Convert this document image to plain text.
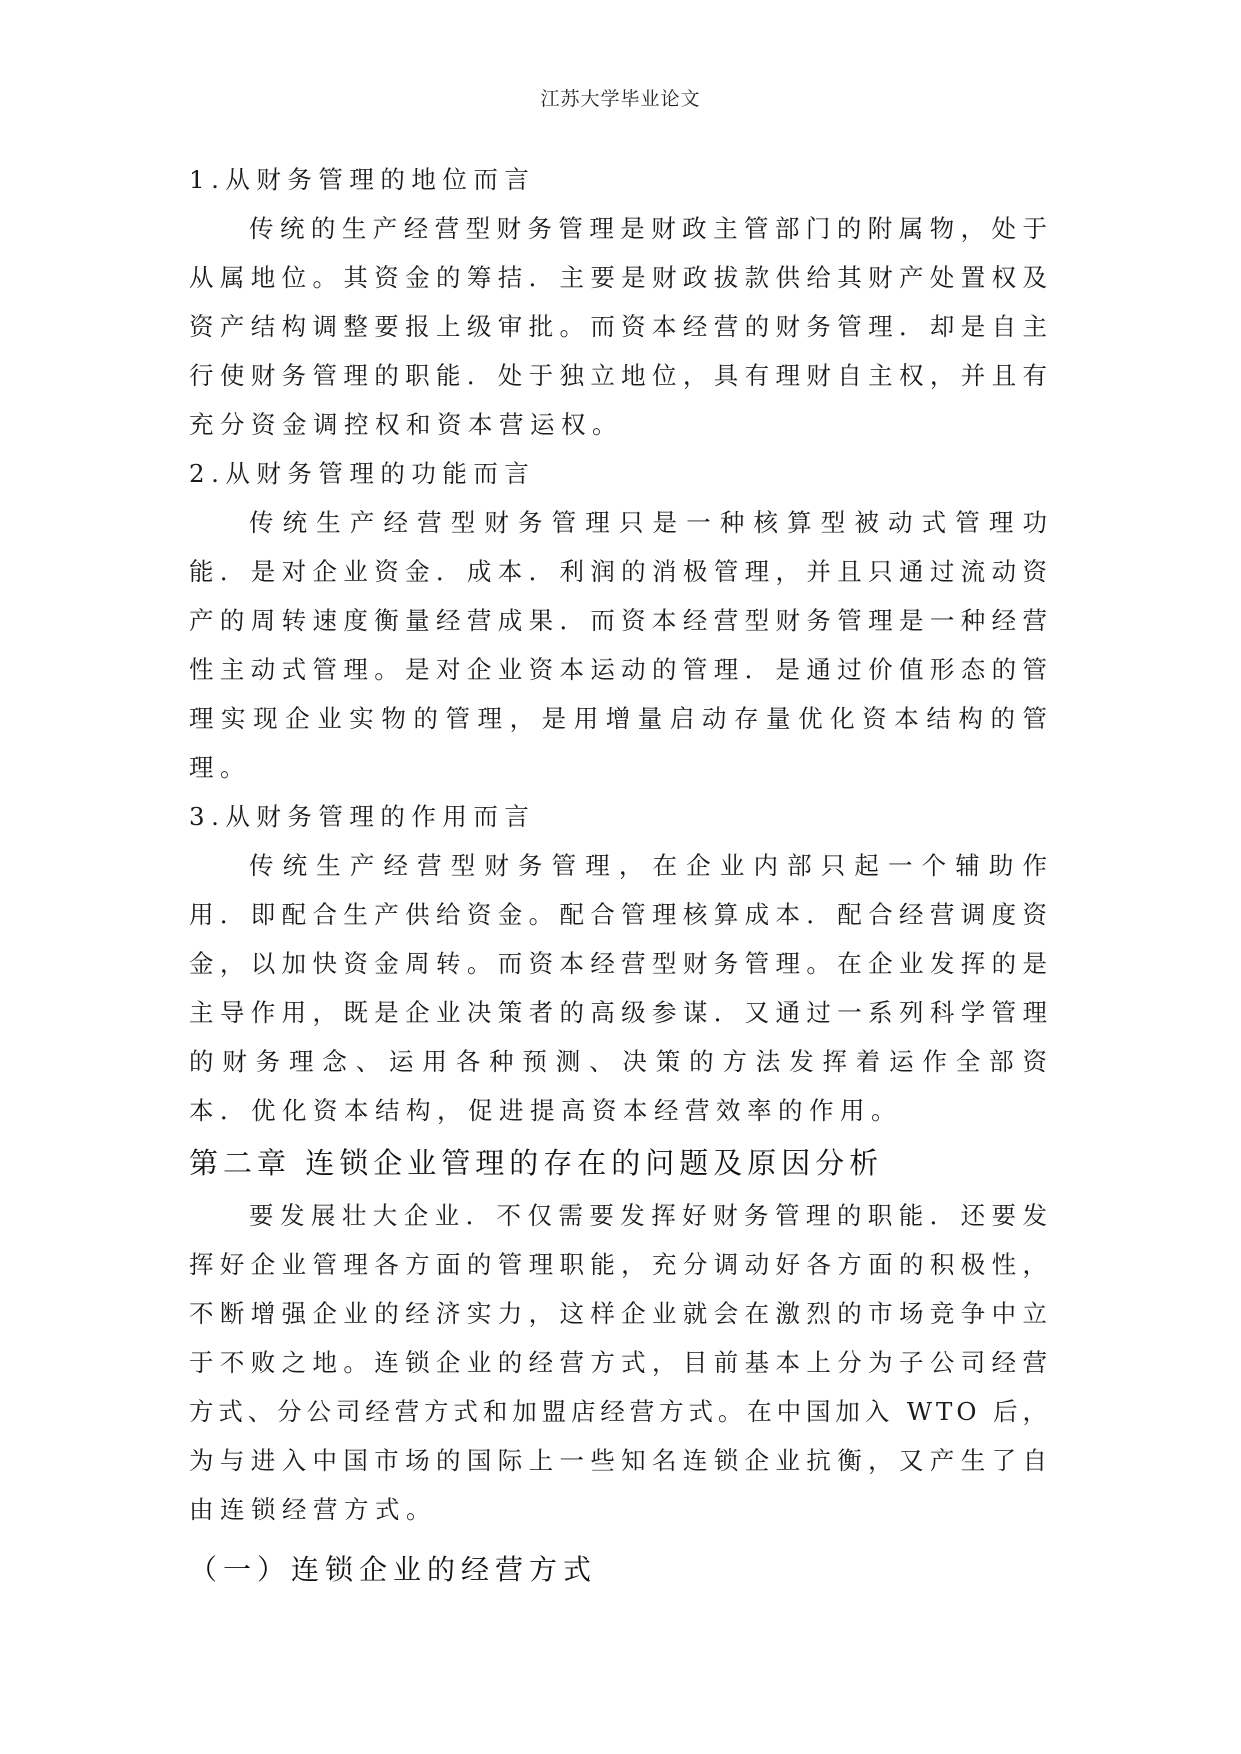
江苏大学毕业论文
1.从财务管理的地位而言
传统的生产经营型财务管理是财政主管部门的附属物，处于
从属地位。其资金的筹拮．主要是财政拔款供给其财产处置权及
资产结构调整要报上级审批。而资本经营的财务管理．却是自主
行使财务管理的职能．处于独立地位，具有理财自主权，并且有
充分资金调控权和资本营运权。
2.从财务管理的功能而言
传统生产经营型财务管理只是一种核算型被动式管理功
能．是对企业资金．成本．利润的消极管理，并且只通过流动资
产的周转速度衡量经营成果．而资本经营型财务管理是一种经营
性主动式管理。是对企业资本运动的管理．是通过价值形态的管
理实现企业实物的管理，是用增量启动存量优化资本结构的管
理。
3.从财务管理的作用而言
传统生产经营型财务管理，在企业内部只起一个辅助作
用．即配合生产供给资金。配合管理核算成本．配合经营调度资
金，以加快资金周转。而资本经营型财务管理。在企业发挥的是
主导作用，既是企业决策者的高级参谋．又通过一系列科学管理
的财务理念、运用各种预测、决策的方法发挥着运作全部资
本．优化资本结构，促进提高资本经营效率的作用。
第二章 连锁企业管理的存在的问题及原因分析
要发展壮大企业．不仅需要发挥好财务管理的职能．还要发
挥好企业管理各方面的管理职能，充分调动好各方面的积极性，
不断增强企业的经济实力，这样企业就会在激烈的市场竞争中立
于不败之地。连锁企业的经营方式，目前基本上分为子公司经营
方式、分公司经营方式和加盟店经营方式。在中国加入 WTO 后，
为与进入中国市场的国际上一些知名连锁企业抗衡，又产生了自
由连锁经营方式。
（一）连锁企业的经营方式
